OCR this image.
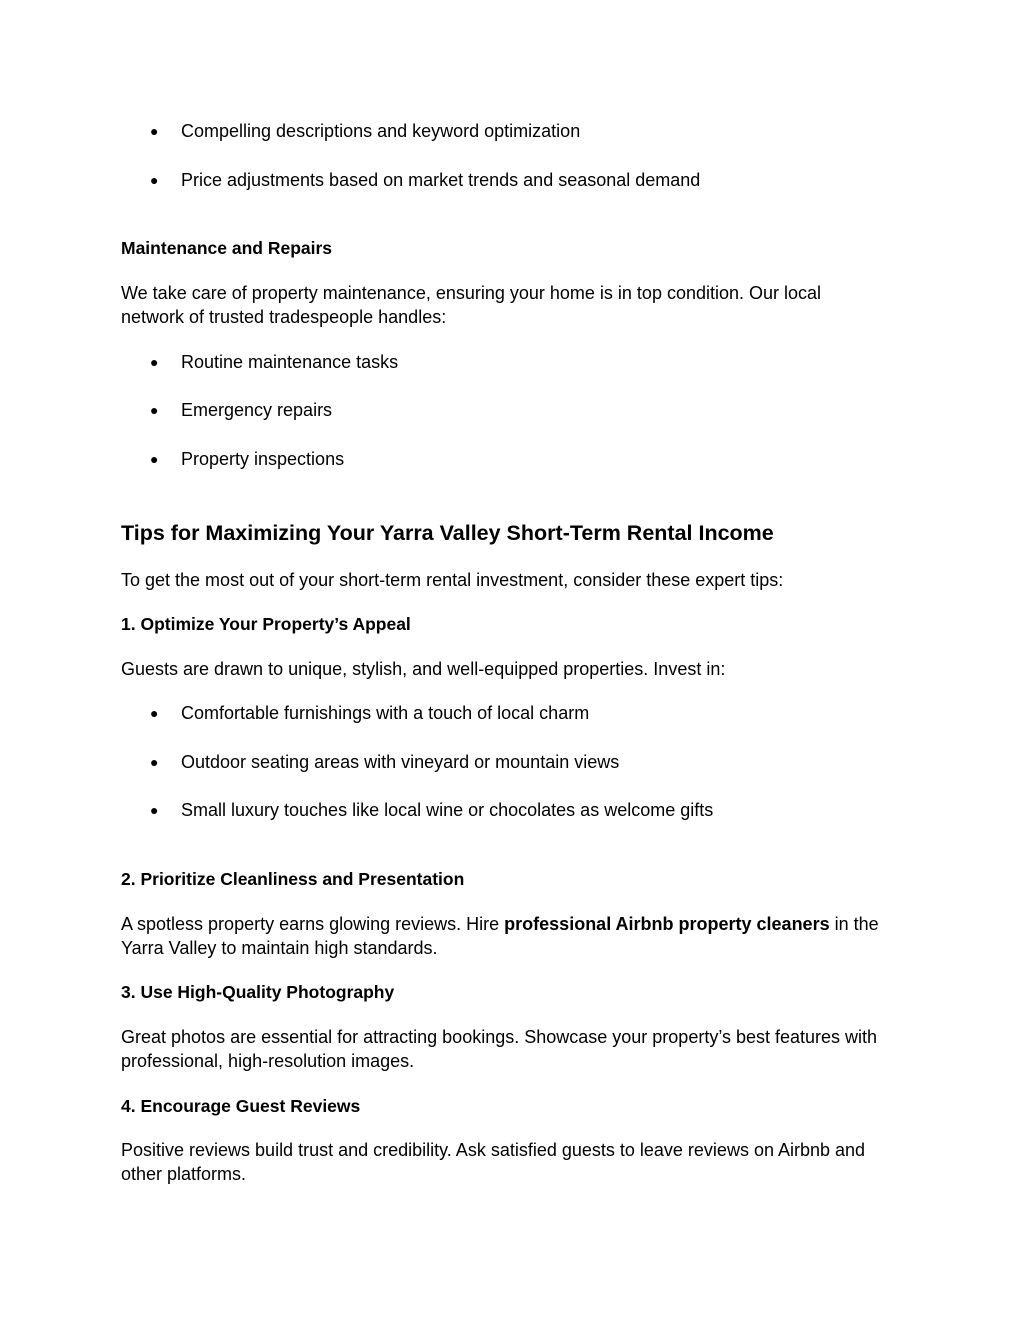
● Compelling descriptions and keyword optimization
● Price adjustments based on market trends and seasonal demand

Maintenance and Repairs

We take care of property maintenance, ensuring your home is in top condition. Our local

network of trusted tradespeople handles:

● Routine maintenance tasks
● Emergency repairs
● Property inspections
Tips for Maximizing Your Yarra Valley Short-Term Rental Income

To get the most out of your short-term rental investment, consider these expert tips:

1. Optimize Your Property’s Appeal

Guests are drawn to unique, stylish, and well-equipped properties. Invest in:

● Comfortable furnishings with a touch of local charm
● Outdoor seating areas with vineyard or mountain views
● Small luxury touches like local wine or chocolates as welcome gifts

2. Prioritize Cleanliness and Presentation

A spotless property earns glowing reviews. Hire professional Airbnb property cleaners in the

Yarra Valley to maintain high standards.

3. Use High-Quality Photography

Great photos are essential for attracting bookings. Showcase your property’s best features with

professional, high-resolution images.

4. Encourage Guest Reviews

Positive reviews build trust and credibility. Ask satisfied guests to leave reviews on Airbnb and

other platforms.
